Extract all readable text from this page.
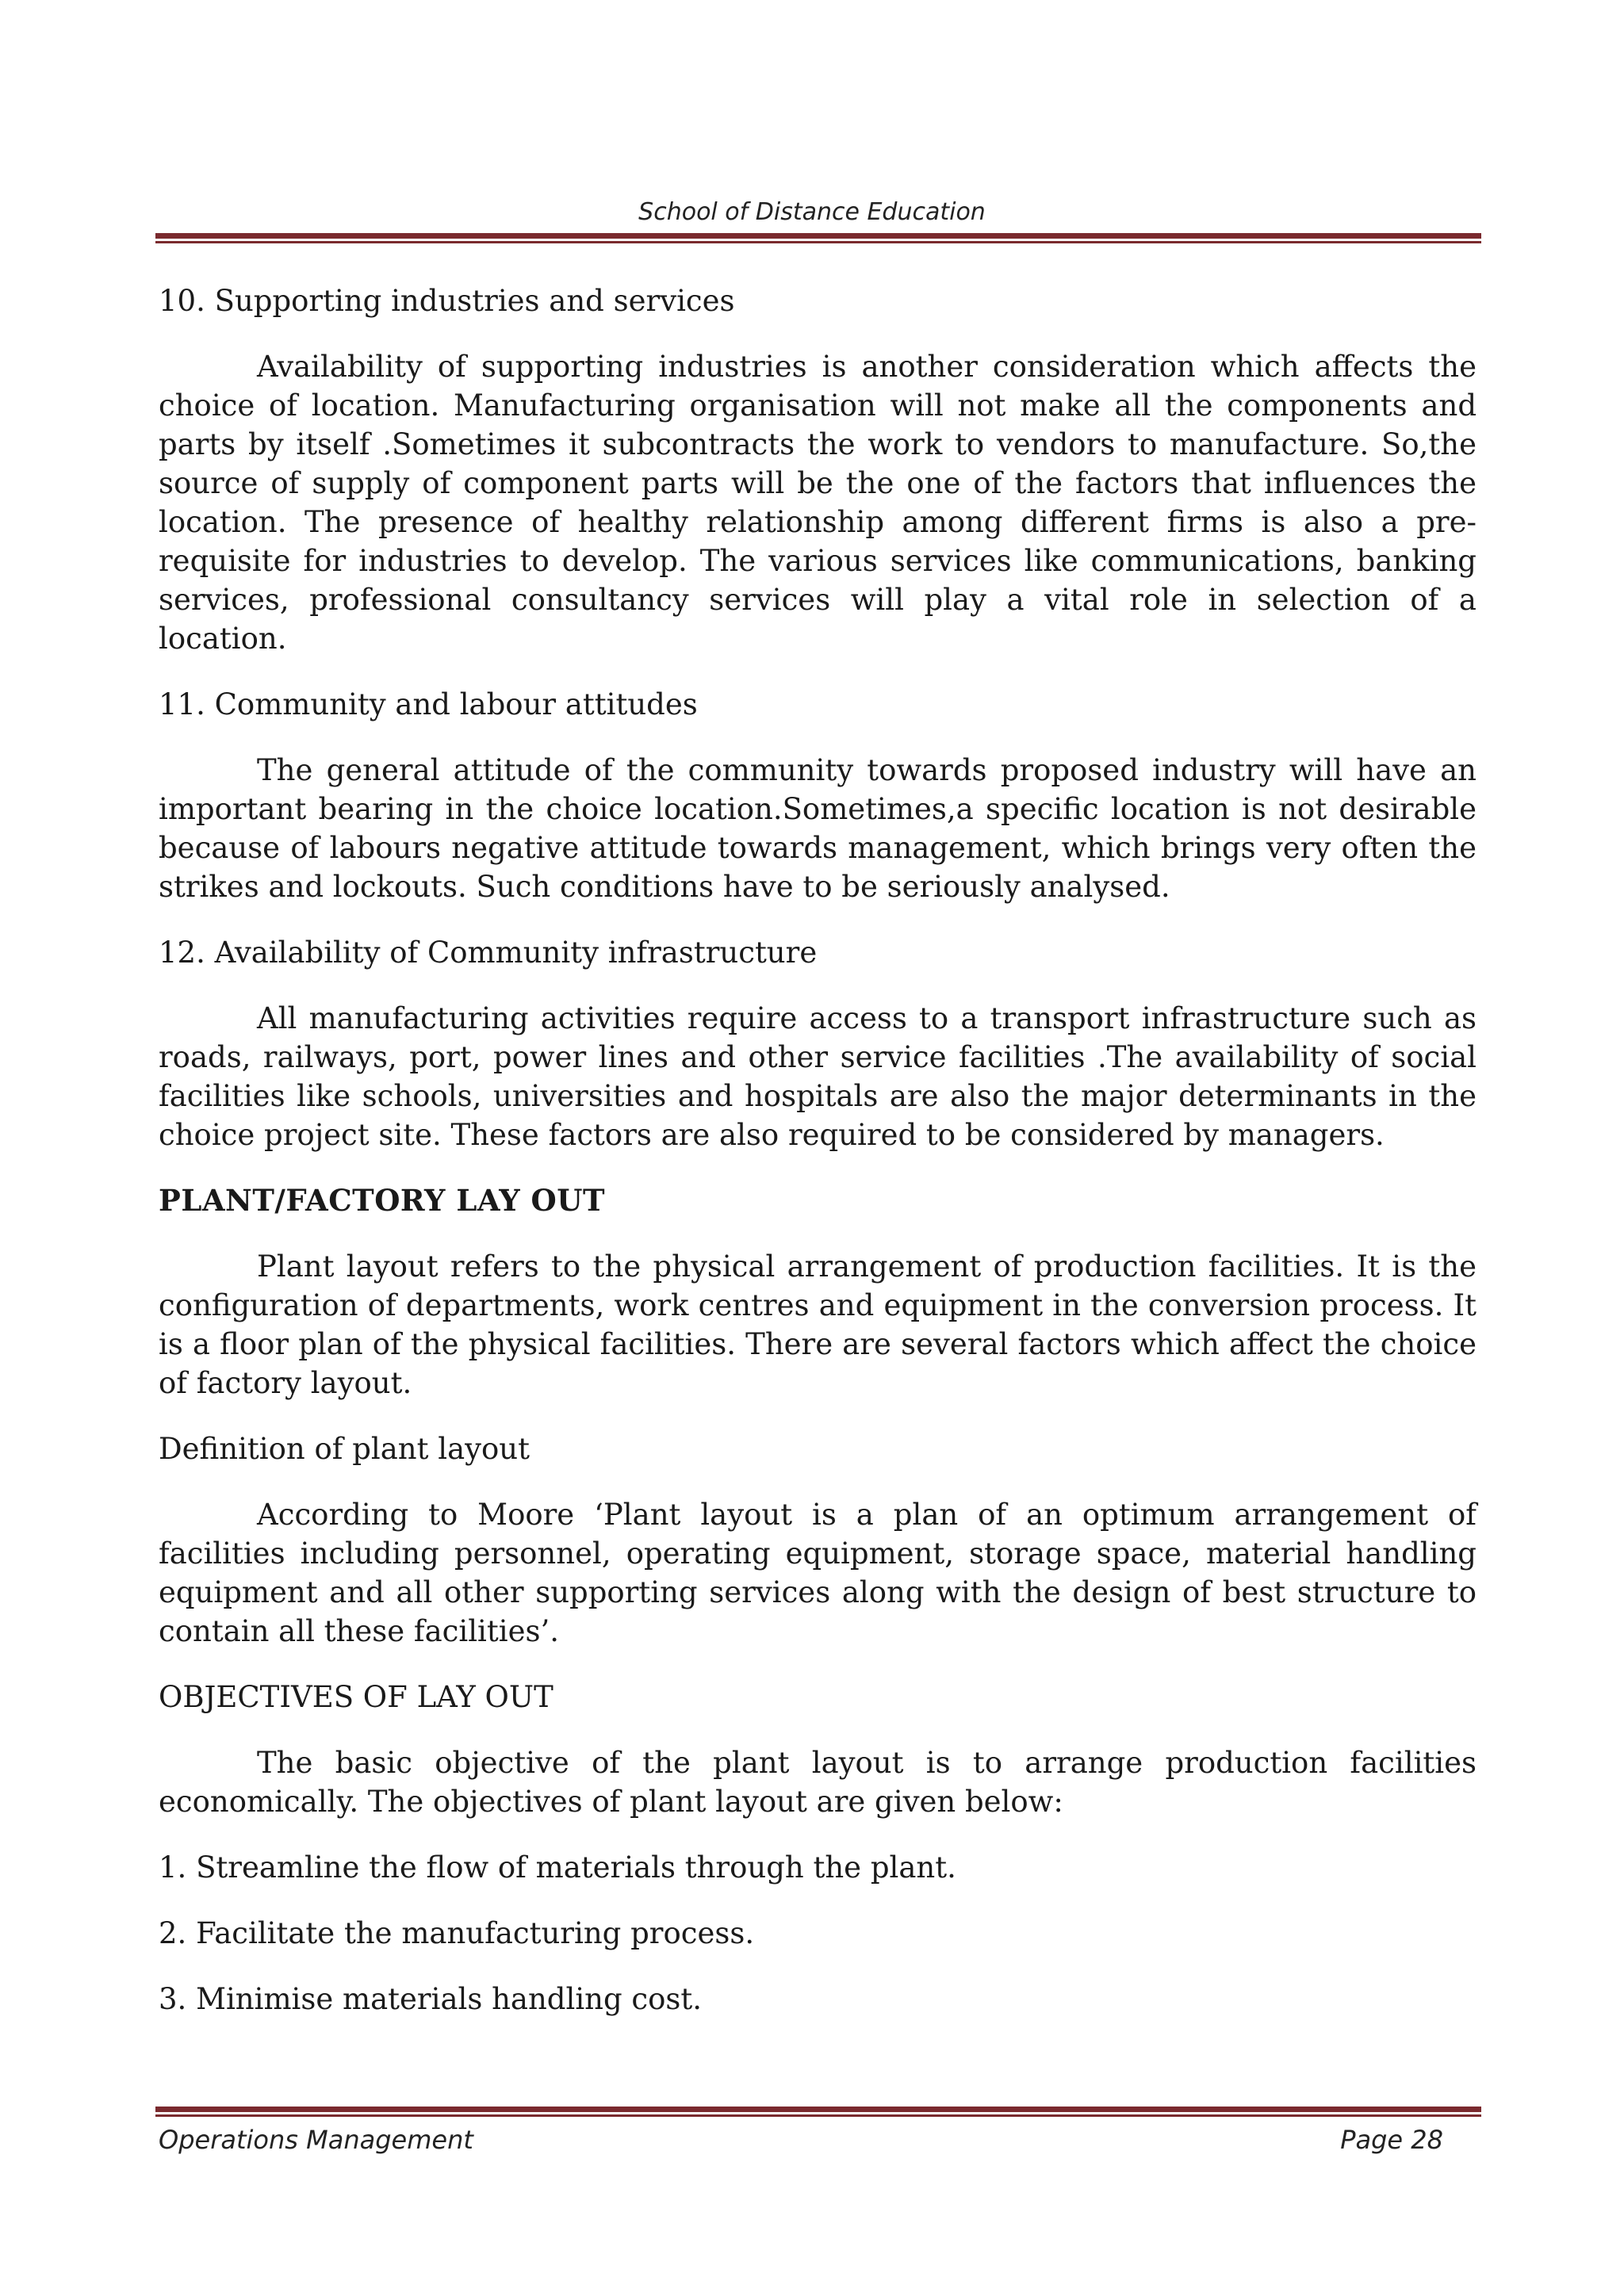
School of Distance Education

10. Supporting industries and services

Availability of supporting industries is another consideration which affects the choice of location. Manufacturing organisation will not make all the components and parts by itself .Sometimes it subcontracts the work to vendors to manufacture. So,the source of supply of component parts will be the one of the factors that influences the location. The presence of healthy relationship among different firms is also a pre-requisite for industries to develop. The various services like communications, banking services, professional consultancy services will play a vital role in selection of a location.

11. Community and labour attitudes

The general attitude of the community towards proposed industry will have an important bearing in the choice location.Sometimes,a specific location is not desirable because of labours negative attitude towards management, which brings very often the strikes and lockouts. Such conditions have to be seriously analysed.

12. Availability of Community infrastructure

All manufacturing activities require access to a transport infrastructure such as roads, railways, port, power lines and other service facilities .The availability of social facilities like schools, universities and hospitals are also the major determinants in the choice project site. These factors are also required to be considered by managers.

PLANT/FACTORY LAY OUT

Plant layout refers to the physical arrangement of production facilities. It is the configuration of departments, work centres and equipment in the conversion process. It is a floor plan of the physical facilities. There are several factors which affect the choice of factory layout.

Definition of plant layout

According to Moore ‘Plant layout is a plan of an optimum arrangement of facilities including personnel, operating equipment, storage space, material handling equipment and all other supporting services along with the design of best structure to contain all these facilities’.

OBJECTIVES OF LAY OUT

The basic objective of the plant layout is to arrange production facilities economically. The objectives of plant layout are given below:

1. Streamline the flow of materials through the plant.

2. Facilitate the manufacturing process.

3. Minimise materials handling cost.

Operations Management	Page 28
